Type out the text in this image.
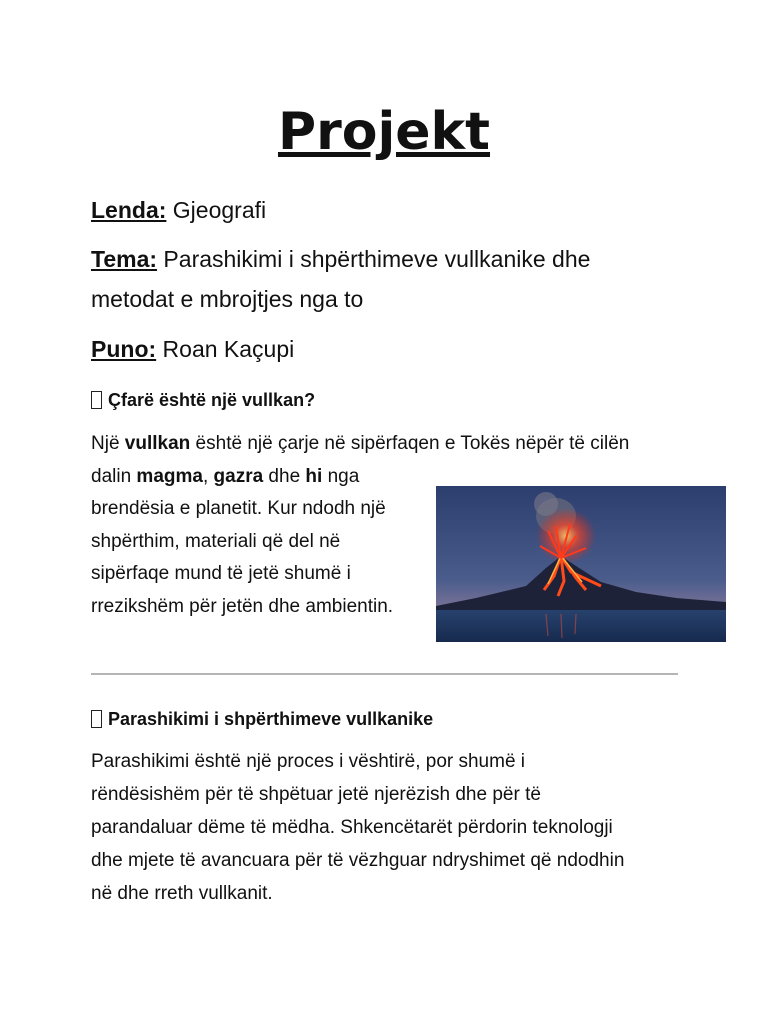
Projekt
Lenda: Gjeografi
Tema: Parashikimi i shpërthimeve vullkanike dhe
metodat e mbrojtjes nga to
Puno: Roan Kaçupi
Çfarë është një vullkan?
Një vullkan është një çarje në sipërfaqen e Tokës nëpër të cilën
dalin magma, gazra dhe hi nga
brendësia e planetit. Kur ndodh një
shpërthim, materiali që del në
sipërfaqe mund të jetë shumë i
rrezikshëm për jetën dhe ambientin.
Parashikimi i shpërthimeve vullkanike
Parashikimi është një proces i vështirë, por shumë i
rëndësishëm për të shpëtuar jetë njerëzish dhe për të
parandaluar dëme të mëdha. Shkencëtarët përdorin teknologji
dhe mjete të avancuara për të vëzhguar ndryshimet që ndodhin
në dhe rreth vullkanit.
